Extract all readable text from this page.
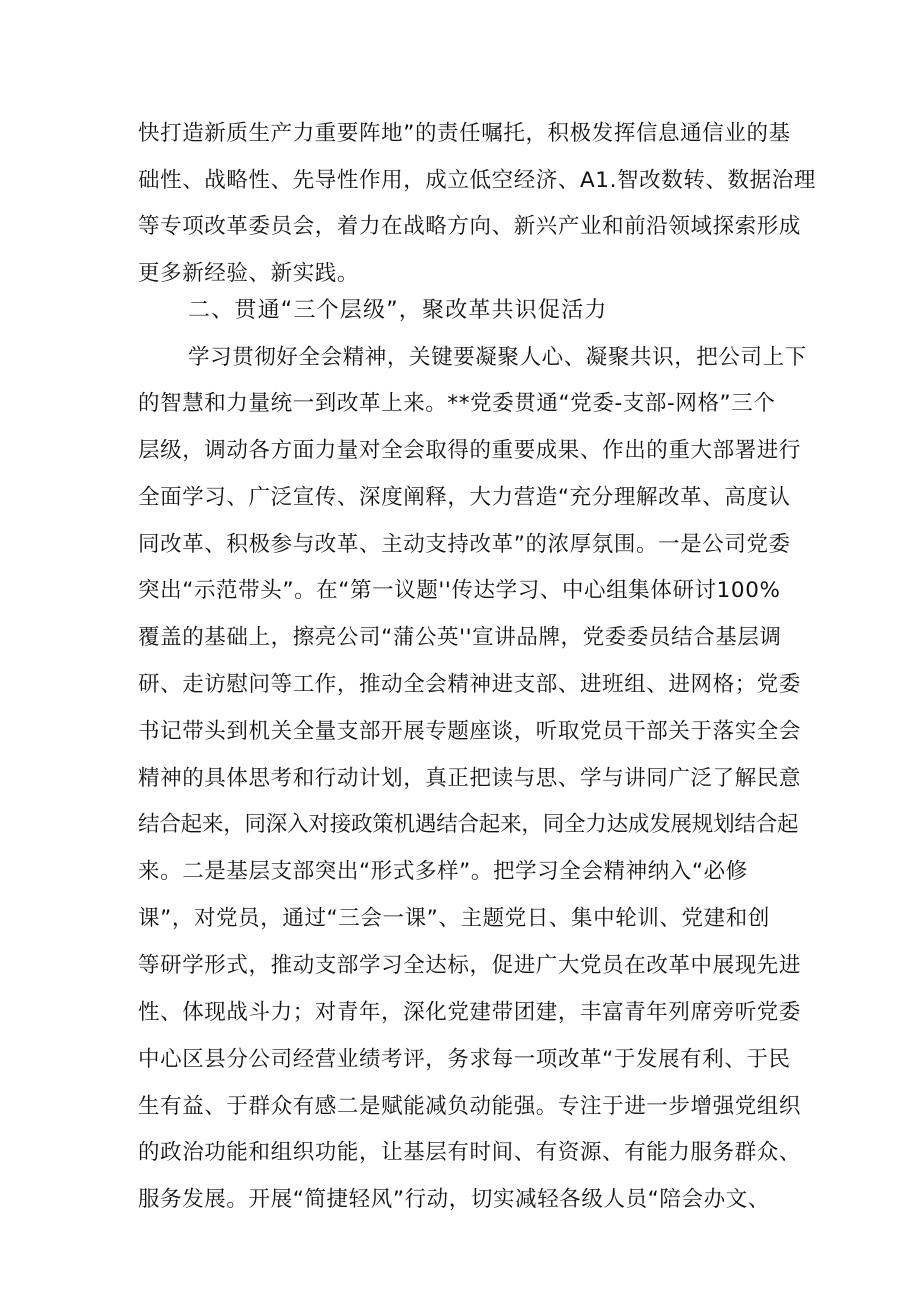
快打造新质生产力重要阵地”的责任嘱托，积极发挥信息通信业的基
础性、战略性、先导性作用，成立低空经济、A1.智改数转、数据治理
等专项改革委员会，着力在战略方向、新兴产业和前沿领域探索形成
更多新经验、新实践。
二、贯通“三个层级”，聚改革共识促活力
学习贯彻好全会精神，关键要凝聚人心、凝聚共识，把公司上下
的智慧和力量统一到改革上来。**党委贯通“党委-支部-网格”三个
层级，调动各方面力量对全会取得的重要成果、作出的重大部署进行
全面学习、广泛宣传、深度阐释，大力营造“充分理解改革、高度认
同改革、积极参与改革、主动支持改革”的浓厚氛围。一是公司党委
突出“示范带头”。在“第一议题''传达学习、中心组集体研讨100%
覆盖的基础上，擦亮公司“蒲公英''宣讲品牌，党委委员结合基层调
研、走访慰问等工作，推动全会精神进支部、进班组、进网格；党委
书记带头到机关全量支部开展专题座谈，听取党员干部关于落实全会
精神的具体思考和行动计划，真正把读与思、学与讲同广泛了解民意
结合起来，同深入对接政策机遇结合起来，同全力达成发展规划结合起
来。二是基层支部突出“形式多样”。把学习全会精神纳入“必修
课”，对党员，通过“三会一课”、主题党日、集中轮训、党建和创
等研学形式，推动支部学习全达标，促进广大党员在改革中展现先进
性、体现战斗力；对青年，深化党建带团建，丰富青年列席旁听党委
中心区县分公司经营业绩考评，务求每一项改革“于发展有利、于民
生有益、于群众有感二是赋能减负动能强。专注于进一步增强党组织
的政治功能和组织功能，让基层有时间、有资源、有能力服务群众、
服务发展。开展“简捷轻风”行动，切实减轻各级人员“陪会办文、
